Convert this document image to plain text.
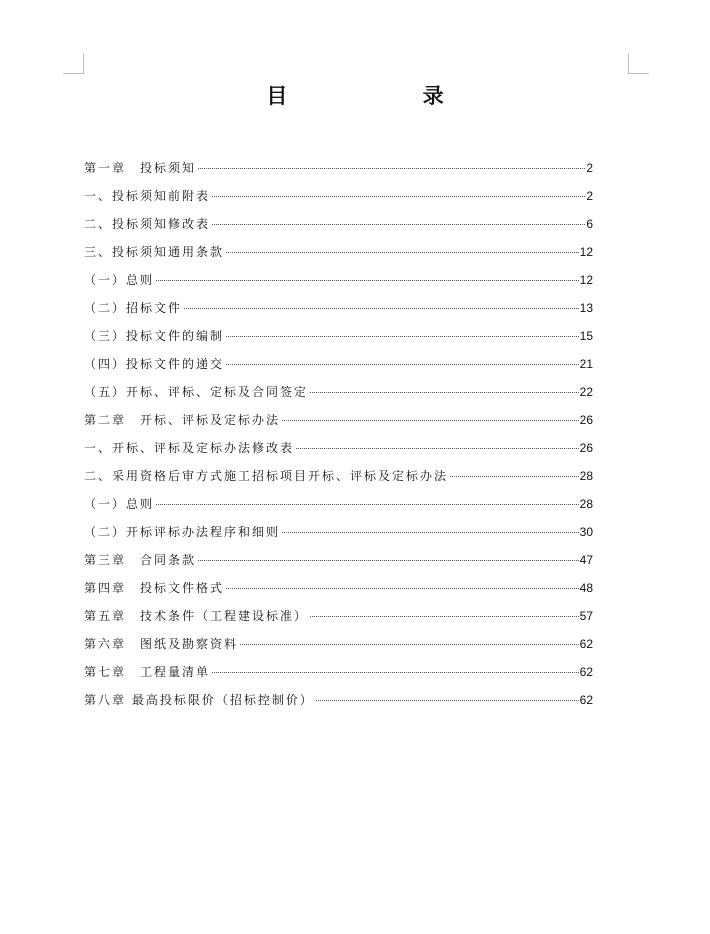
目 录
第一章　投标须知	2
一、投标须知前附表	2
二、投标须知修改表	6
三、投标须知通用条款	12
（一）总则	12
（二）招标文件	13
（三）投标文件的编制	15
（四）投标文件的递交	21
（五）开标、评标、定标及合同签定	22
第二章　开标、评标及定标办法	26
一、开标、评标及定标办法修改表	26
二、采用资格后审方式施工招标项目开标、评标及定标办法	28
（一）总则	28
（二）开标评标办法程序和细则	30
第三章　合同条款	47
第四章　投标文件格式	48
第五章　技术条件（工程建设标准）	57
第六章　图纸及勘察资料	62
第七章　工程量清单	62
第八章 最高投标限价（招标控制价）	62
